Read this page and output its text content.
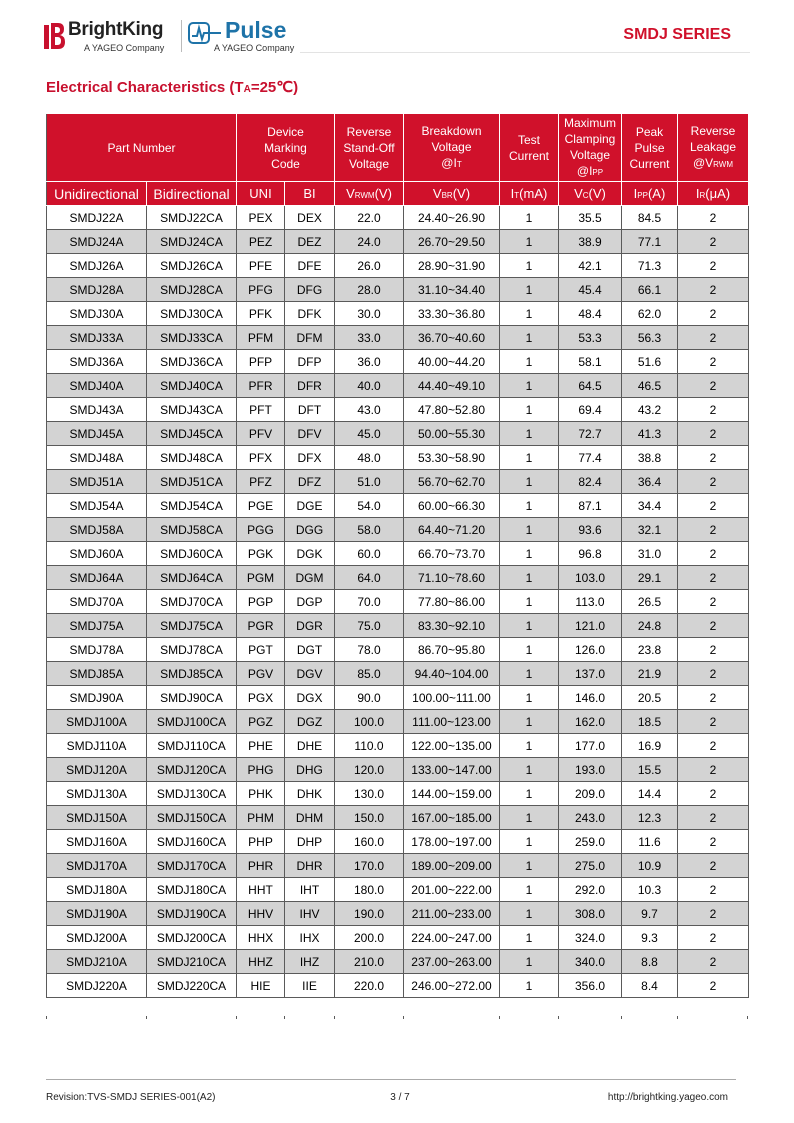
BrightKing
A YAGEO Company
Pulse
A YAGEO Company
SMDJ SERIES
Electrical Characteristics (TA=25℃)
Part Number		Device
Marking
Code		Reverse
Stand-Off
Voltage	Breakdown
Voltage
@IT	Test
Current	Maximum
Clamping
Voltage
@IPP	Peak
Pulse
Current	Reverse
Leakage
@VRWM
Unidirectional	Bidirectional	UNI	BI	VRWM(V)	VBR(V)	IT(mA)	VC(V)	IPP(A)	IR(μA)
SMDJ22A	SMDJ22CA	PEX	DEX	22.0	24.40~26.90	1	35.5	84.5	2
SMDJ24A	SMDJ24CA	PEZ	DEZ	24.0	26.70~29.50	1	38.9	77.1	2
SMDJ26A	SMDJ26CA	PFE	DFE	26.0	28.90~31.90	1	42.1	71.3	2
SMDJ28A	SMDJ28CA	PFG	DFG	28.0	31.10~34.40	1	45.4	66.1	2
SMDJ30A	SMDJ30CA	PFK	DFK	30.0	33.30~36.80	1	48.4	62.0	2
SMDJ33A	SMDJ33CA	PFM	DFM	33.0	36.70~40.60	1	53.3	56.3	2
SMDJ36A	SMDJ36CA	PFP	DFP	36.0	40.00~44.20	1	58.1	51.6	2
SMDJ40A	SMDJ40CA	PFR	DFR	40.0	44.40~49.10	1	64.5	46.5	2
SMDJ43A	SMDJ43CA	PFT	DFT	43.0	47.80~52.80	1	69.4	43.2	2
SMDJ45A	SMDJ45CA	PFV	DFV	45.0	50.00~55.30	1	72.7	41.3	2
SMDJ48A	SMDJ48CA	PFX	DFX	48.0	53.30~58.90	1	77.4	38.8	2
SMDJ51A	SMDJ51CA	PFZ	DFZ	51.0	56.70~62.70	1	82.4	36.4	2
SMDJ54A	SMDJ54CA	PGE	DGE	54.0	60.00~66.30	1	87.1	34.4	2
SMDJ58A	SMDJ58CA	PGG	DGG	58.0	64.40~71.20	1	93.6	32.1	2
SMDJ60A	SMDJ60CA	PGK	DGK	60.0	66.70~73.70	1	96.8	31.0	2
SMDJ64A	SMDJ64CA	PGM	DGM	64.0	71.10~78.60	1	103.0	29.1	2
SMDJ70A	SMDJ70CA	PGP	DGP	70.0	77.80~86.00	1	113.0	26.5	2
SMDJ75A	SMDJ75CA	PGR	DGR	75.0	83.30~92.10	1	121.0	24.8	2
SMDJ78A	SMDJ78CA	PGT	DGT	78.0	86.70~95.80	1	126.0	23.8	2
SMDJ85A	SMDJ85CA	PGV	DGV	85.0	94.40~104.00	1	137.0	21.9	2
SMDJ90A	SMDJ90CA	PGX	DGX	90.0	100.00~111.00	1	146.0	20.5	2
SMDJ100A	SMDJ100CA	PGZ	DGZ	100.0	111.00~123.00	1	162.0	18.5	2
SMDJ110A	SMDJ110CA	PHE	DHE	110.0	122.00~135.00	1	177.0	16.9	2
SMDJ120A	SMDJ120CA	PHG	DHG	120.0	133.00~147.00	1	193.0	15.5	2
SMDJ130A	SMDJ130CA	PHK	DHK	130.0	144.00~159.00	1	209.0	14.4	2
SMDJ150A	SMDJ150CA	PHM	DHM	150.0	167.00~185.00	1	243.0	12.3	2
SMDJ160A	SMDJ160CA	PHP	DHP	160.0	178.00~197.00	1	259.0	11.6	2
SMDJ170A	SMDJ170CA	PHR	DHR	170.0	189.00~209.00	1	275.0	10.9	2
SMDJ180A	SMDJ180CA	HHT	IHT	180.0	201.00~222.00	1	292.0	10.3	2
SMDJ190A	SMDJ190CA	HHV	IHV	190.0	211.00~233.00	1	308.0	9.7	2
SMDJ200A	SMDJ200CA	HHX	IHX	200.0	224.00~247.00	1	324.0	9.3	2
SMDJ210A	SMDJ210CA	HHZ	IHZ	210.0	237.00~263.00	1	340.0	8.8	2
SMDJ220A	SMDJ220CA	HIE	IIE	220.0	246.00~272.00	1	356.0	8.4	2
Revision:TVS-SMDJ SERIES-001(A2)	3 / 7	http://brightking.yageo.com
